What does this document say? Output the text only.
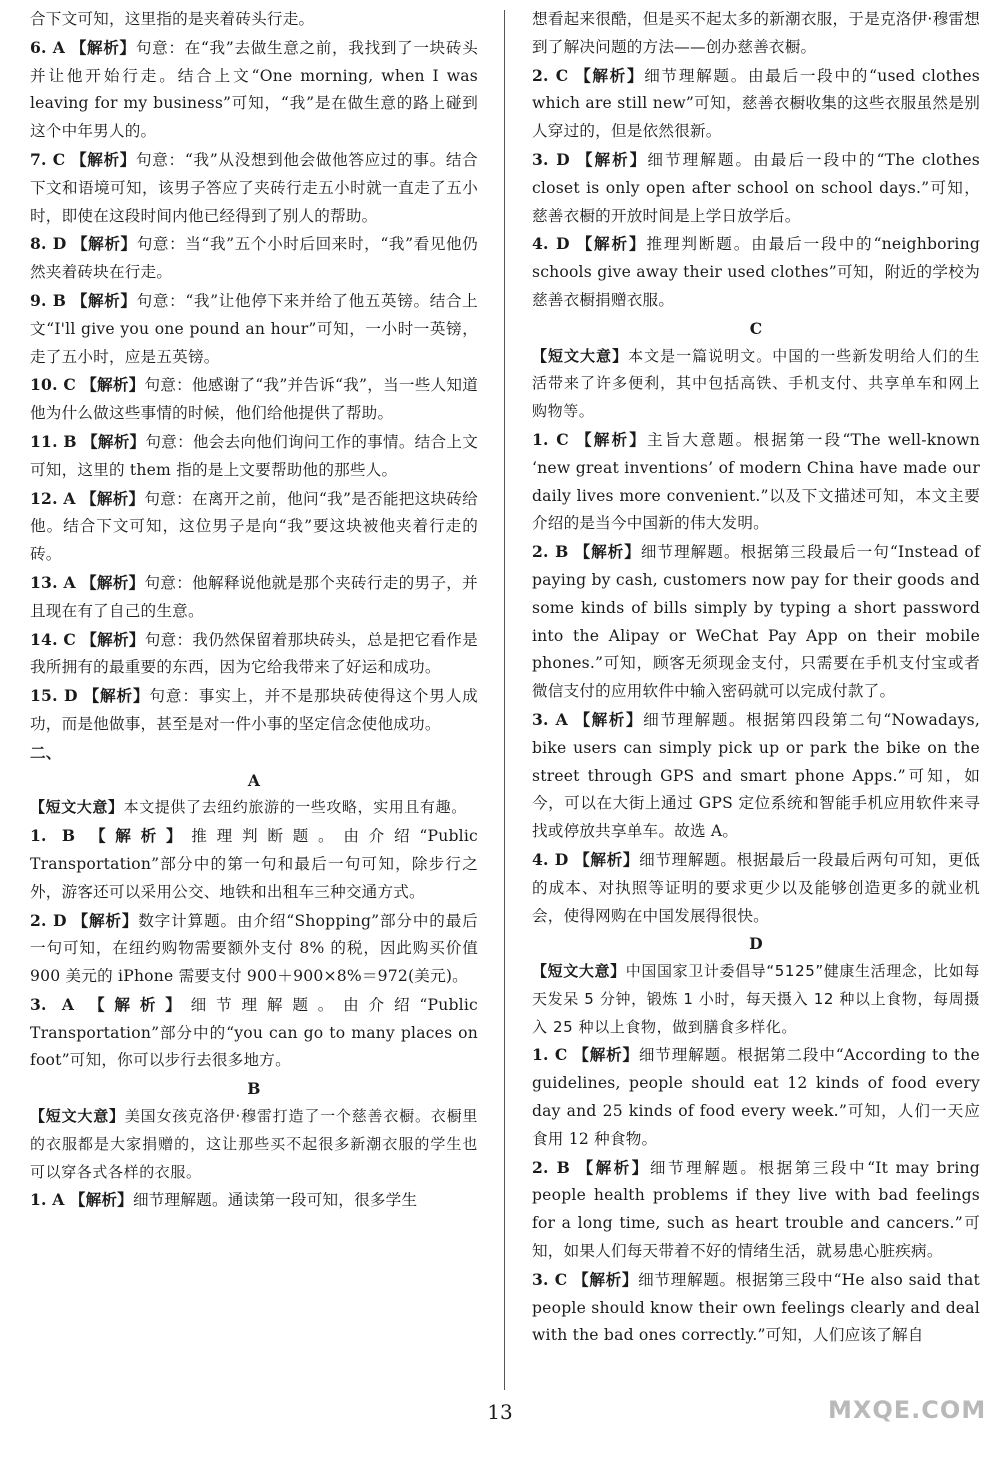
合下文可知，这里指的是夹着砖头行走。

6. A 【解析】句意：在“我”去做生意之前，我找到了一块砖头并让他开始行走。结合上文“One morning, when I was leaving for my business”可知，“我”是在做生意的路上碰到这个中年男人的。

7. C 【解析】句意：“我”从没想到他会做他答应过的事。结合下文和语境可知，该男子答应了夹砖行走五小时就一直走了五小时，即使在这段时间内他已经得到了别人的帮助。

8. D 【解析】句意：当“我”五个小时后回来时，“我”看见他仍然夹着砖块在行走。

9. B 【解析】句意：“我”让他停下来并给了他五英镑。结合上文“I'll give you one pound an hour”可知，一小时一英镑，走了五小时，应是五英镑。

10. C 【解析】句意：他感谢了“我”并告诉“我”，当一些人知道他为什么做这些事情的时候，他们给他提供了帮助。

11. B 【解析】句意：他会去向他们询问工作的事情。结合上文可知，这里的 them 指的是上文要帮助他的那些人。

12. A 【解析】句意：在离开之前，他问“我”是否能把这块砖给他。结合下文可知，这位男子是向“我”要这块被他夹着行走的砖。

13. A 【解析】句意：他解释说他就是那个夹砖行走的男子，并且现在有了自己的生意。

14. C 【解析】句意：我仍然保留着那块砖头，总是把它看作是我所拥有的最重要的东西，因为它给我带来了好运和成功。

15. D 【解析】句意：事实上，并不是那块砖使得这个男人成功，而是他做事，甚至是对一件小事的坚定信念使他成功。

二、

A

【短文大意】本文提供了去纽约旅游的一些攻略，实用且有趣。

1. B 【解析】推理判断题。由介绍“Public Transportation”部分中的第一句和最后一句可知，除步行之外，游客还可以采用公交、地铁和出租车三种交通方式。

2. D 【解析】数字计算题。由介绍“Shopping”部分中的最后一句可知，在纽约购物需要额外支付 8% 的税，因此购买价值 900 美元的 iPhone 需要支付 900＋900×8%＝972(美元)。

3. A 【解析】细节理解题。由介绍“Public Transportation”部分中的“you can go to many places on foot”可知，你可以步行去很多地方。

B

【短文大意】美国女孩克洛伊·穆雷打造了一个慈善衣橱。衣橱里的衣服都是大家捐赠的，这让那些买不起很多新潮衣服的学生也可以穿各式各样的衣服。

1. A 【解析】细节理解题。通读第一段可知，很多学生

想看起来很酷，但是买不起太多的新潮衣服，于是克洛伊·穆雷想到了解决问题的方法——创办慈善衣橱。

2. C 【解析】细节理解题。由最后一段中的“used clothes which are still new”可知，慈善衣橱收集的这些衣服虽然是别人穿过的，但是依然很新。

3. D 【解析】细节理解题。由最后一段中的“The clothes closet is only open after school on school days.”可知，慈善衣橱的开放时间是上学日放学后。

4. D 【解析】推理判断题。由最后一段中的“neighboring schools give away their used clothes”可知，附近的学校为慈善衣橱捐赠衣服。

C

【短文大意】本文是一篇说明文。中国的一些新发明给人们的生活带来了许多便利，其中包括高铁、手机支付、共享单车和网上购物等。

1. C 【解析】主旨大意题。根据第一段“The well-known ‘new great inventions’ of modern China have made our daily lives more convenient.”以及下文描述可知，本文主要介绍的是当今中国新的伟大发明。

2. B 【解析】细节理解题。根据第三段最后一句“Instead of paying by cash, customers now pay for their goods and some kinds of bills simply by typing a short password into the Alipay or WeChat Pay App on their mobile phones.”可知，顾客无须现金支付，只需要在手机支付宝或者微信支付的应用软件中输入密码就可以完成付款了。

3. A 【解析】细节理解题。根据第四段第二句“Nowadays, bike users can simply pick up or park the bike on the street through GPS and smart phone Apps.”可知，如今，可以在大街上通过 GPS 定位系统和智能手机应用软件来寻找或停放共享单车。故选 A。

4. D 【解析】细节理解题。根据最后一段最后两句可知，更低的成本、对执照等证明的要求更少以及能够创造更多的就业机会，使得网购在中国发展得很快。

D

【短文大意】中国国家卫计委倡导“5125”健康生活理念，比如每天发呆 5 分钟，锻炼 1 小时，每天摄入 12 种以上食物，每周摄入 25 种以上食物，做到膳食多样化。

1. C 【解析】细节理解题。根据第二段中“According to the guidelines, people should eat 12 kinds of food every day and 25 kinds of food every week.”可知，人们一天应食用 12 种食物。

2. B 【解析】细节理解题。根据第三段中“It may bring people health problems if they live with bad feelings for a long time, such as heart trouble and cancers.”可知，如果人们每天带着不好的情绪生活，就易患心脏疾病。

3. C 【解析】细节理解题。根据第三段中“He also said that people should know their own feelings clearly and deal with the bad ones correctly.”可知，人们应该了解自

13	MXQE.COM
